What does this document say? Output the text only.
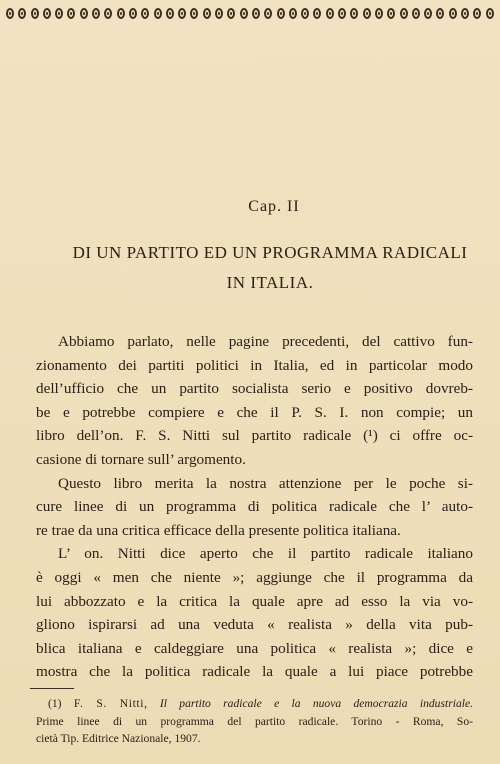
Cap. II
DI UN PARTITO ED UN PROGRAMMA RADICALI
IN ITALIA.
Abbiamo parlato, nelle pagine precedenti, del cattivo fun-
zionamento dei partiti politici in Italia, ed in particolar modo
dell’ufficio che un partito socialista serio e positivo dovreb-
be e potrebbe compiere e che il P. S. I. non compie; un
libro dell’on. F. S. Nitti sul partito radicale (¹) ci offre oc-
casione di tornare sull’ argomento.
Questo libro merita la nostra attenzione per le poche si-
cure linee di un programma di politica radicale che l’ auto-
re trae da una critica efficace della presente politica italiana.
L’ on. Nitti dice aperto che il partito radicale italiano
è oggi « men che niente »; aggiunge che il programma da
lui abbozzato e la critica la quale apre ad esso la via vo-
gliono ispirarsi ad una veduta « realista » della vita pub-
blica italiana e caldeggiare una politica « realista »; dice e
mostra che la politica radicale la quale a lui piace potrebbe
(1) F. S. Nitti, Il partito radicale e la nuova democrazia industriale.
Prime linee di un programma del partito radicale. Torino - Roma, So-
cietà Tip. Editrice Nazionale, 1907.
